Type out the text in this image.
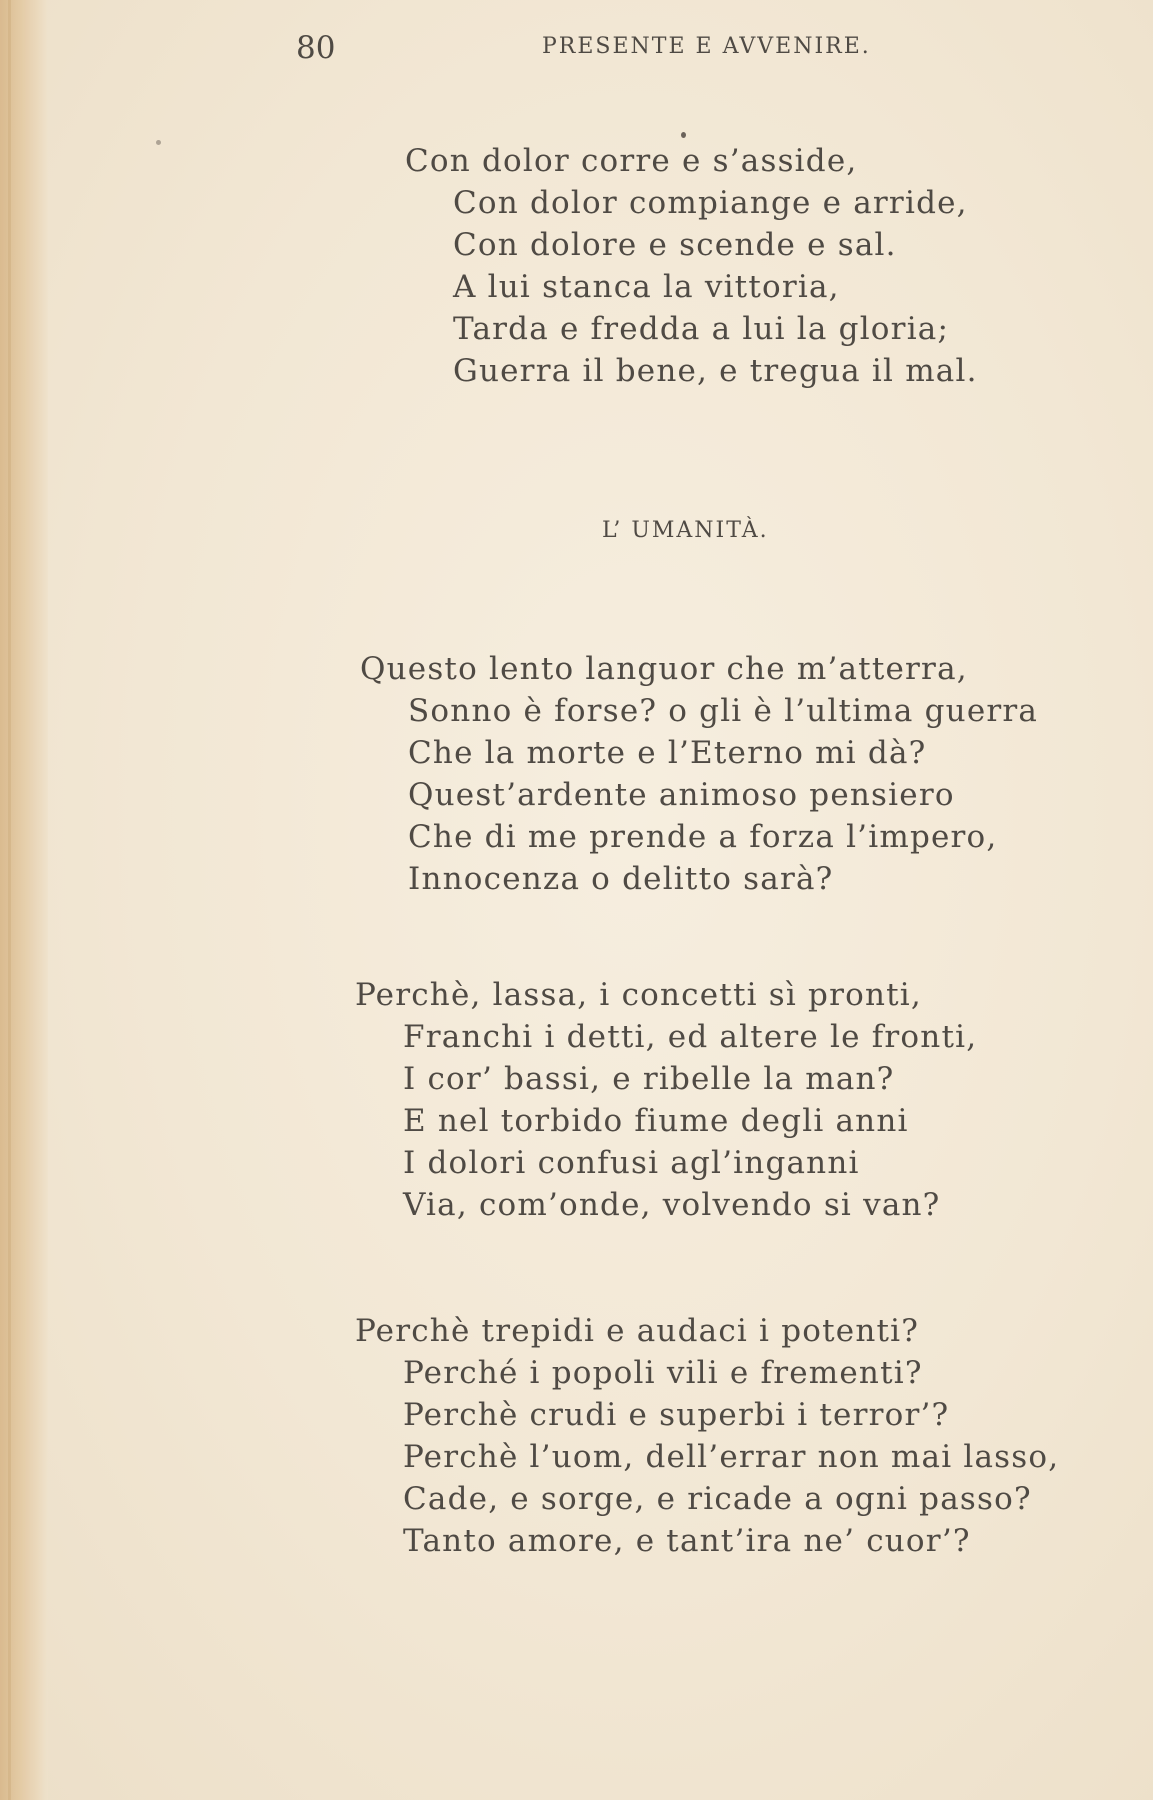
80	PRESENTE E AVVENIRE.
Con dolor corre e s’asside,
Con dolor compiange e arride,
Con dolore e scende e sal.
A lui stanca la vittoria,
Tarda e fredda a lui la gloria;
Guerra il bene, e tregua il mal.
L’ UMANITÀ.
Questo lento languor che m’atterra,
Sonno è forse? o gli è l’ultima guerra
Che la morte e l’Eterno mi dà?
Quest’ardente animoso pensiero
Che di me prende a forza l’impero,
Innocenza o delitto sarà?
Perchè, lassa, i concetti sì pronti,
Franchi i detti, ed altere le fronti,
I cor’ bassi, e ribelle la man?
E nel torbido fiume degli anni
I dolori confusi agl’inganni
Via, com’onde, volvendo si van?
Perchè trepidi e audaci i potenti?
Perché i popoli vili e frementi?
Perchè crudi e superbi i terror’?
Perchè l’uom, dell’errar non mai lasso,
Cade, e sorge, e ricade a ogni passo?
Tanto amore, e tant’ira ne’ cuor’?
